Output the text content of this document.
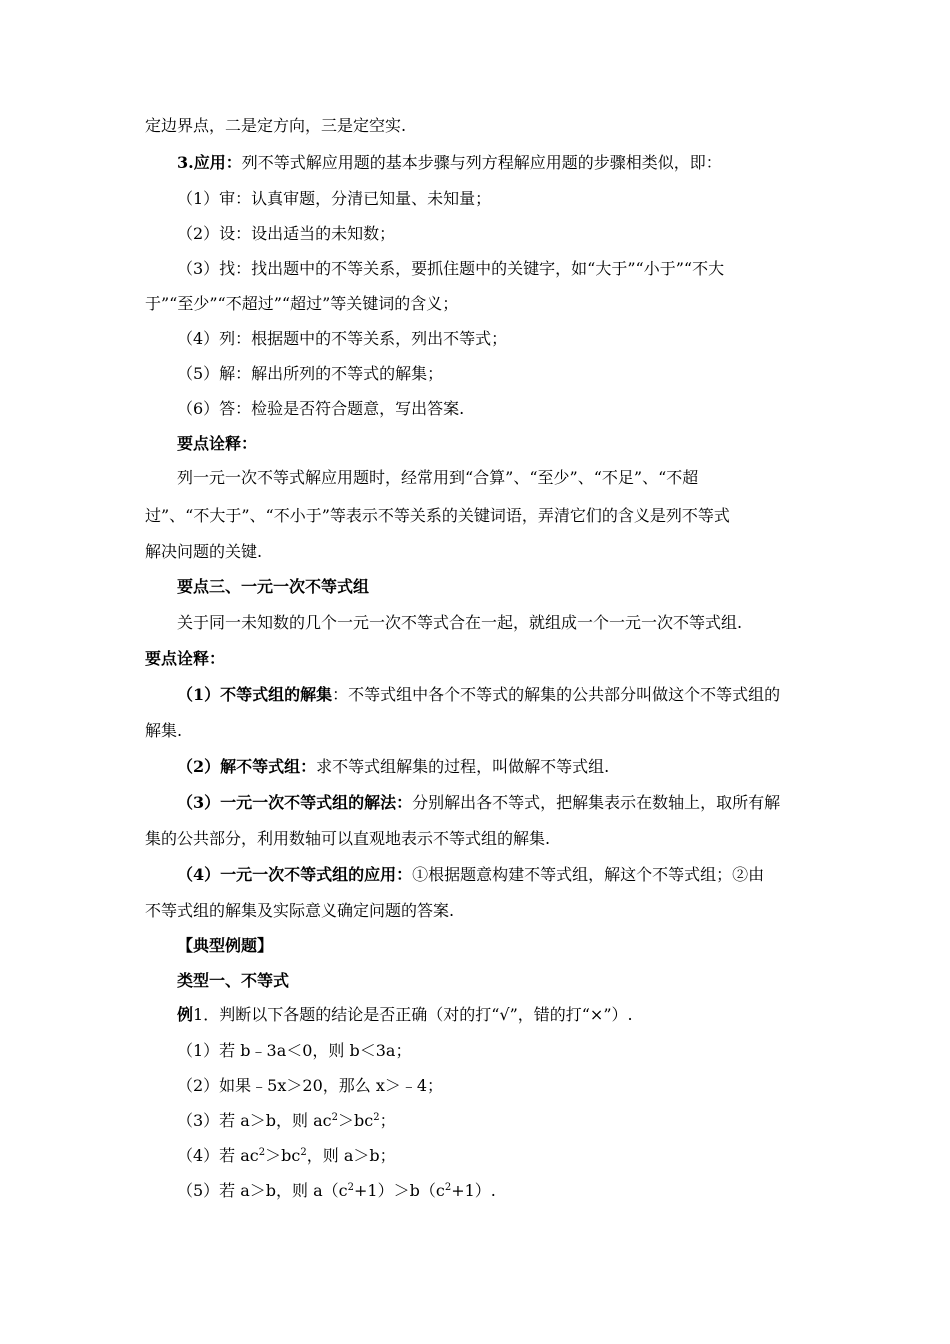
定边界点，二是定方向，三是定空实.
3.应用：列不等式解应用题的基本步骤与列方程解应用题的步骤相类似，即：
（1）审：认真审题，分清已知量、未知量；
（2）设：设出适当的未知数；
（3）找：找出题中的不等关系，要抓住题中的关键字，如“大于”“小于”“不大
于”“至少”“不超过”“超过”等关键词的含义；
（4）列：根据题中的不等关系，列出不等式；
（5）解：解出所列的不等式的解集；
（6）答：检验是否符合题意，写出答案.
要点诠释：
列一元一次不等式解应用题时，经常用到“合算”、“至少”、“不足”、“不超
过”、“不大于”、“不小于”等表示不等关系的关键词语，弄清它们的含义是列不等式
解决问题的关键.
要点三、一元一次不等式组
关于同一未知数的几个一元一次不等式合在一起，就组成一个一元一次不等式组.
要点诠释：
（1）不等式组的解集：不等式组中各个不等式的解集的公共部分叫做这个不等式组的
解集.
（2）解不等式组：求不等式组解集的过程，叫做解不等式组.
（3）一元一次不等式组的解法：分别解出各不等式，把解集表示在数轴上，取所有解
集的公共部分，利用数轴可以直观地表示不等式组的解集.
（4）一元一次不等式组的应用：①根据题意构建不等式组，解这个不等式组；②由
不等式组的解集及实际意义确定问题的答案.
【典型例题】
类型一、不等式
例1．判断以下各题的结论是否正确（对的打“√”，错的打“×”）.
（1）若 b﹣3a＜0，则 b＜3a；
（2）如果﹣5x＞20，那么 x＞﹣4；
（3）若 a＞b，则 $ac^2>bc^2$；
（4）若 $ac^2>bc^2$，则 a＞b；
（5）若 a＞b，则 $a(c^2+1)>b(c^2+1)$.
